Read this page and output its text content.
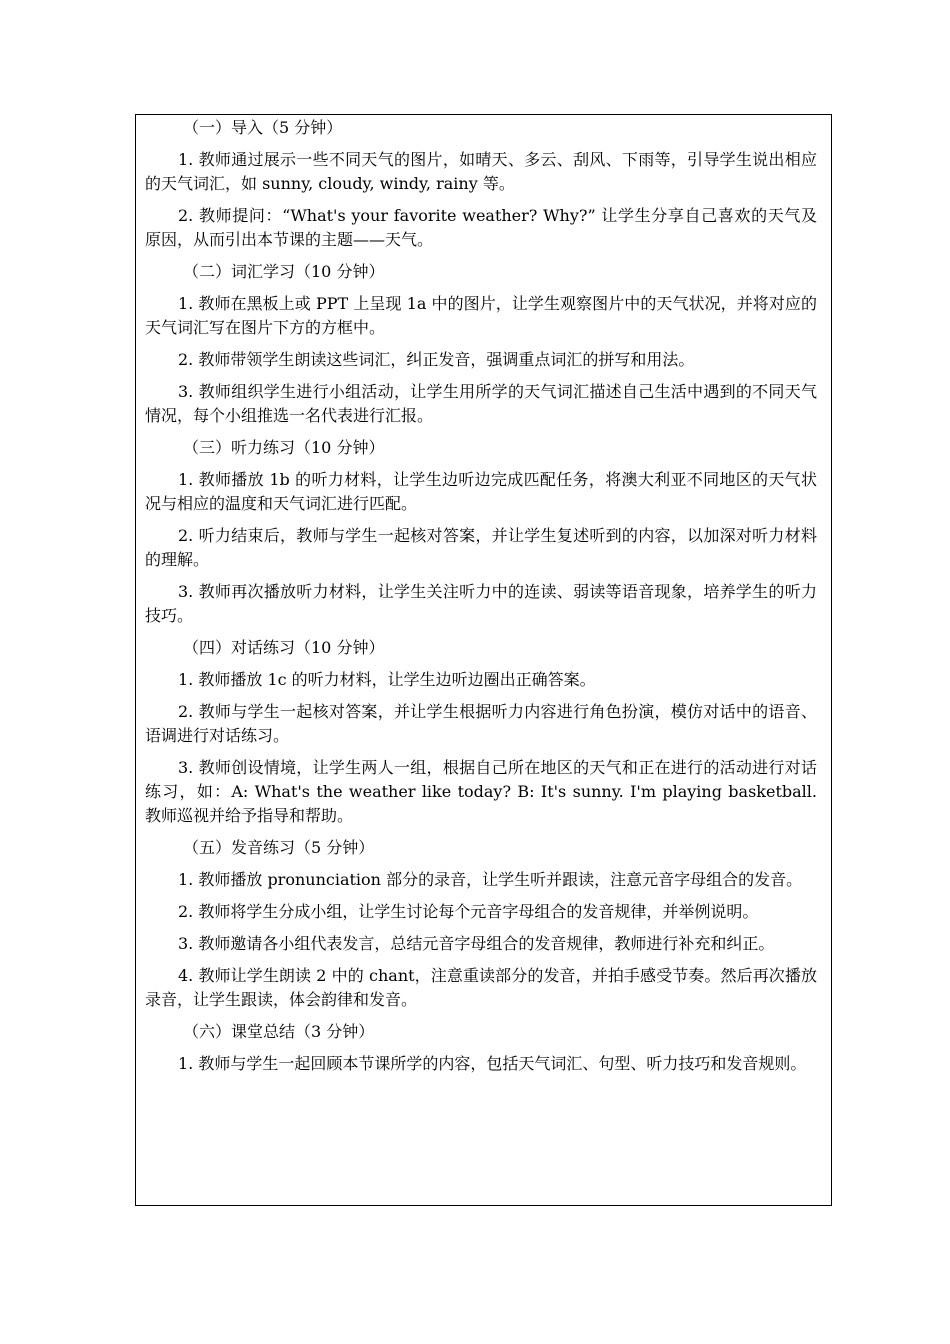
（一）导入（5 分钟）

1. 教师通过展示一些不同天气的图片，如晴天、多云、刮风、下雨等，引导学生说出相应的天气词汇，如 sunny, cloudy, windy, rainy 等。

2. 教师提问：“What's your favorite weather? Why?” 让学生分享自己喜欢的天气及原因，从而引出本节课的主题——天气。

（二）词汇学习（10 分钟）

1. 教师在黑板上或 PPT 上呈现 1a 中的图片，让学生观察图片中的天气状况，并将对应的天气词汇写在图片下方的方框中。

2. 教师带领学生朗读这些词汇，纠正发音，强调重点词汇的拼写和用法。

3. 教师组织学生进行小组活动，让学生用所学的天气词汇描述自己生活中遇到的不同天气情况，每个小组推选一名代表进行汇报。

（三）听力练习（10 分钟）

1. 教师播放 1b 的听力材料，让学生边听边完成匹配任务，将澳大利亚不同地区的天气状况与相应的温度和天气词汇进行匹配。

2. 听力结束后，教师与学生一起核对答案，并让学生复述听到的内容，以加深对听力材料的理解。

3. 教师再次播放听力材料，让学生关注听力中的连读、弱读等语音现象，培养学生的听力技巧。

（四）对话练习（10 分钟）

1. 教师播放 1c 的听力材料，让学生边听边圈出正确答案。

2. 教师与学生一起核对答案，并让学生根据听力内容进行角色扮演，模仿对话中的语音、语调进行对话练习。

3. 教师创设情境，让学生两人一组，根据自己所在地区的天气和正在进行的活动进行对话练习，如：A: What's the weather like today? B: It's sunny. I'm playing basketball. 教师巡视并给予指导和帮助。

（五）发音练习（5 分钟）

1. 教师播放 pronunciation 部分的录音，让学生听并跟读，注意元音字母组合的发音。

2. 教师将学生分成小组，让学生讨论每个元音字母组合的发音规律，并举例说明。

3. 教师邀请各小组代表发言，总结元音字母组合的发音规律，教师进行补充和纠正。

4. 教师让学生朗读 2 中的 chant，注意重读部分的发音，并拍手感受节奏。然后再次播放录音，让学生跟读，体会韵律和发音。

（六）课堂总结（3 分钟）

1. 教师与学生一起回顾本节课所学的内容，包括天气词汇、句型、听力技巧和发音规则。
